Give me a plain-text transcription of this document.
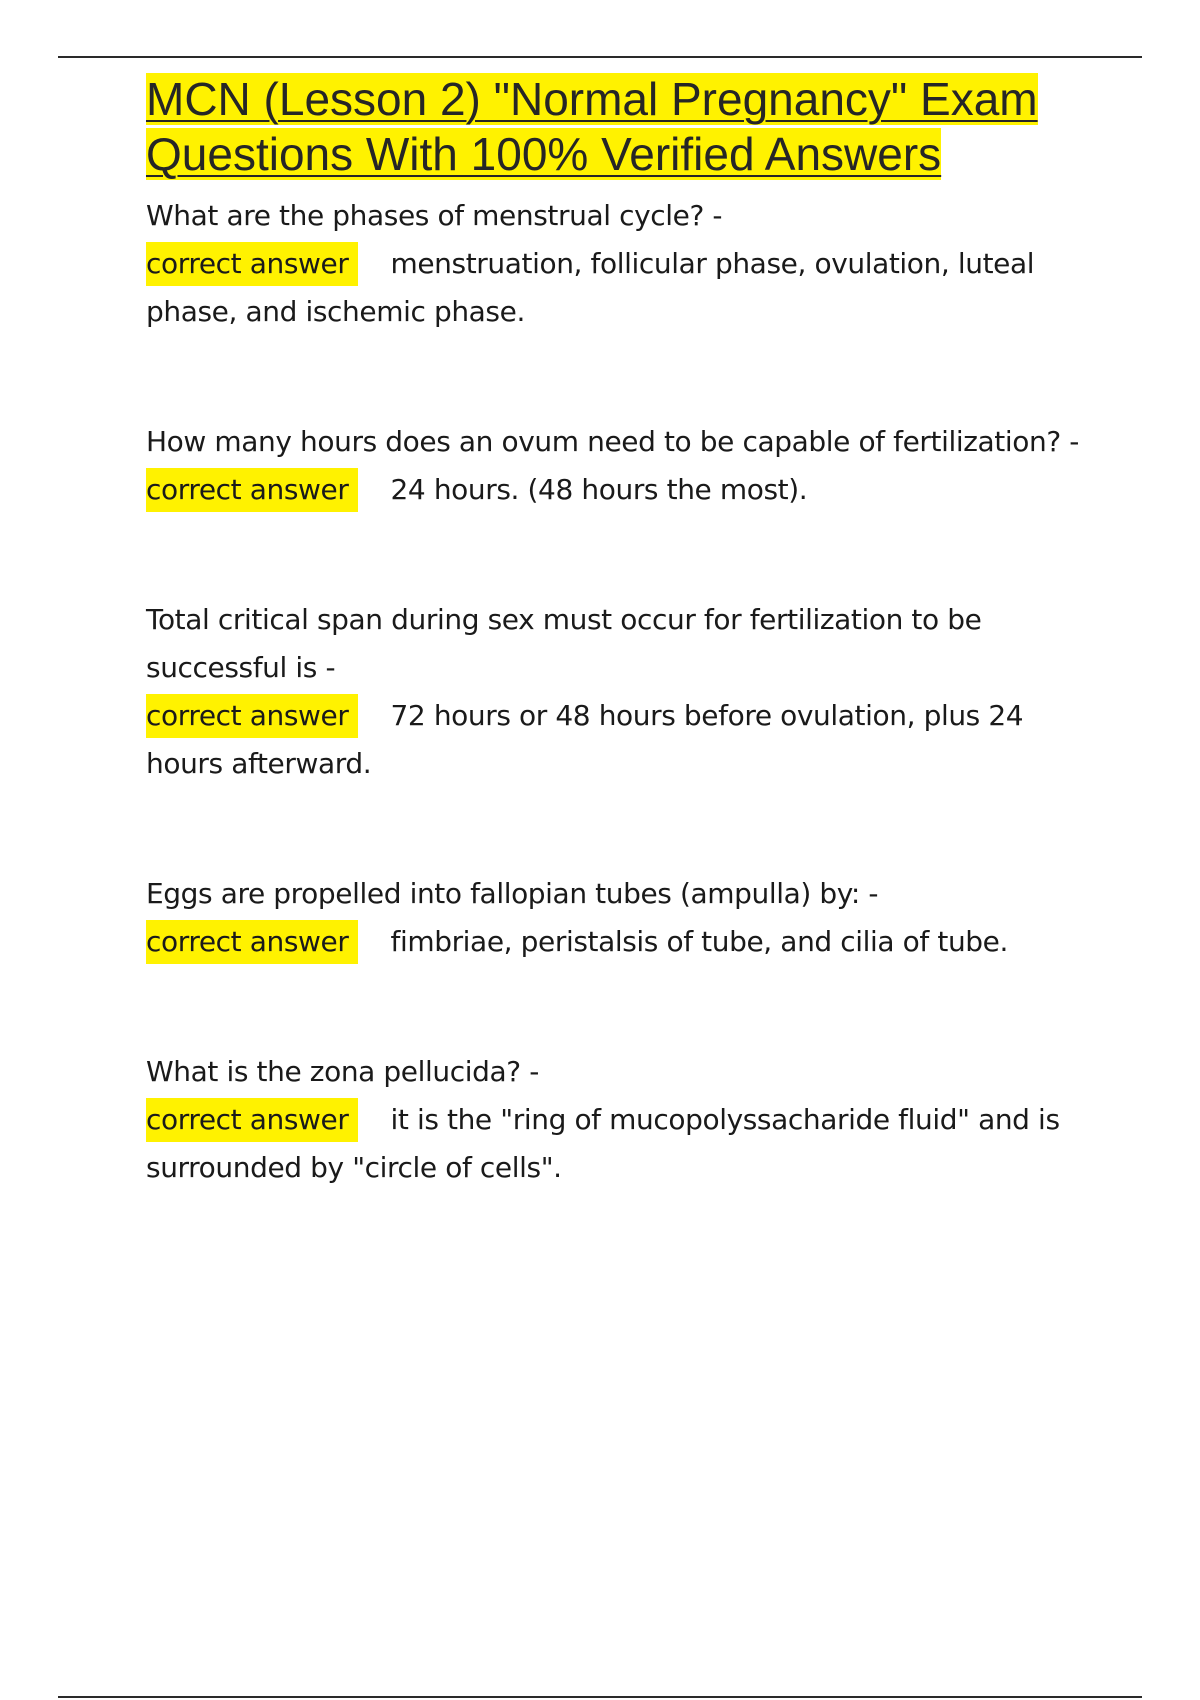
MCN (Lesson 2) "Normal Pregnancy" Exam Questions With 100% Verified Answers

What are the phases of menstrual cycle? -

correct answer menstruation, follicular phase, ovulation, luteal phase, and ischemic phase.

How many hours does an ovum need to be capable of fertilization? -

correct answer 24 hours. (48 hours the most).

Total critical span during sex must occur for fertilization to be successful is -

correct answer 72 hours or 48 hours before ovulation, plus 24 hours afterward.

Eggs are propelled into fallopian tubes (ampulla) by: -

correct answer fimbriae, peristalsis of tube, and cilia of tube.

What is the zona pellucida? -

correct answer it is the "ring of mucopolyssacharide fluid" and is surrounded by "circle of cells".
